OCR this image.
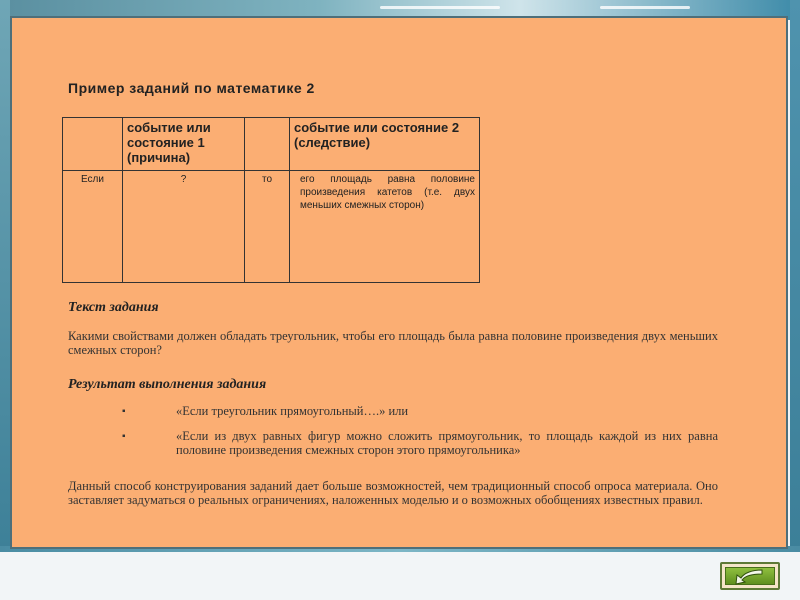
Пример заданий по математике 2
	событие или состояние 1 (причина)		событие или состояние 2 (следствие)
Если	?	то	его площадь равна половине произведения катетов (т.е. двух меньших смежных сторон)
Текст задания
Какими свойствами должен обладать треугольник, чтобы его площадь была равна половине произведения двух меньших смежных сторон?
Результат выполнения задания
▪	«Если треугольник прямоугольный….» или
▪	«Если из двух равных фигур можно сложить прямоугольник, то площадь каждой из них равна половине произведения смежных сторон этого прямоугольника»
Данный способ конструирования заданий дает больше возможностей, чем традиционный способ опроса материала. Оно заставляет задуматься о реальных ограничениях, наложенных моделью и о возможных обобщениях известных правил.
